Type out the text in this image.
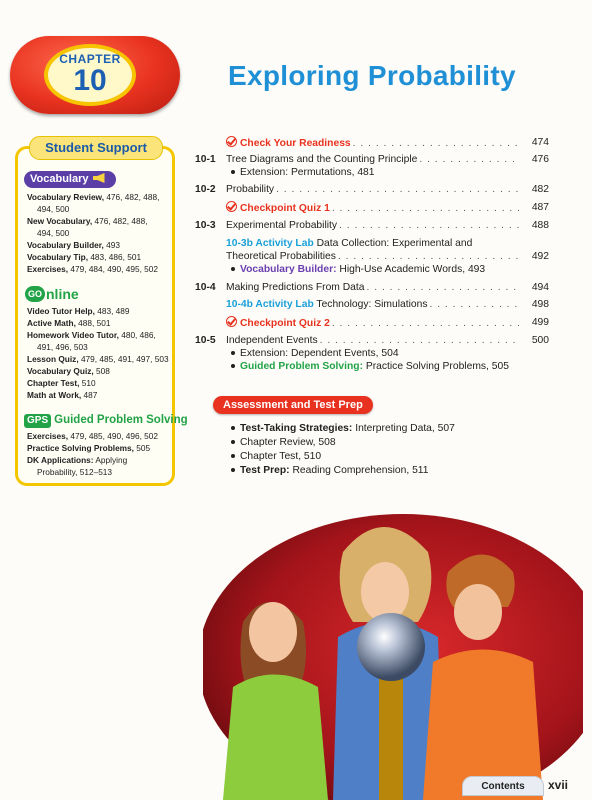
CHAPTER
10	Exploring Probability
Student Support
Vocabulary
Vocabulary Review, 476, 482, 488,
494, 500
New Vocabulary, 476, 482, 488,
494, 500
Vocabulary Builder, 493
Vocabulary Tip, 483, 486, 501
Exercises, 479, 484, 490, 495, 502
GO nline
Video Tutor Help, 483, 489
Active Math, 488, 501
Homework Video Tutor, 480, 486,
491, 496, 503
Lesson Quiz, 479, 485, 491, 497, 503
Vocabulary Quiz, 508
Chapter Test, 510
Math at Work, 487
GPS Guided Problem Solving
Exercises, 479, 485, 490, 496, 502
Practice Solving Problems, 505
DK Applications: Applying
Probability, 512–513
Check Your Readiness . . .	474
10-1	Tree Diagrams and the Counting Principle . . .	476
Extension: Permutations, 481
10-2	Probability . . .	482
Checkpoint Quiz 1 . . .	487
10-3	Experimental Probability . . .	488
10-3b Activity Lab Data Collection: Experimental and
Theoretical Probabilities . . .	492
Vocabulary Builder: High-Use Academic Words, 493
10-4	Making Predictions From Data . . .	494
10-4b Activity Lab Technology: Simulations . . .	498
Checkpoint Quiz 2 . . .	499
10-5	Independent Events . . .	500
Extension: Dependent Events, 504
Guided Problem Solving: Practice Solving Problems, 505
Assessment and Test Prep
Test-Taking Strategies: Interpreting Data, 507
Chapter Review, 508
Chapter Test, 510
Test Prep: Reading Comprehension, 511
Contents	xvii
